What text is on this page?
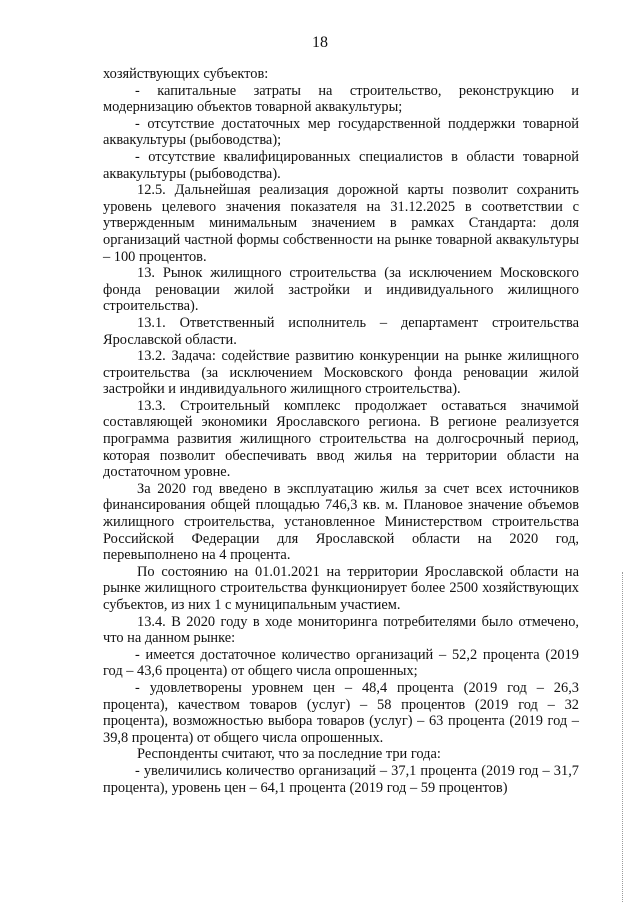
18

хозяйствующих субъектов:

- капитальные затраты на строительство, реконструкцию и модернизацию объектов товарной аквакультуры;

- отсутствие достаточных мер государственной поддержки товарной аквакультуры (рыбоводства);

- отсутствие квалифицированных специалистов в области товарной аквакультуры (рыбоводства).

12.5. Дальнейшая реализация дорожной карты позволит сохранить уровень целевого значения показателя на 31.12.2025 в соответствии с утвержденным минимальным значением в рамках Стандарта: доля организаций частной формы собственности на рынке товарной аквакультуры – 100 процентов.

13. Рынок жилищного строительства (за исключением Московского фонда реновации жилой застройки и индивидуального жилищного строительства).

13.1. Ответственный исполнитель – департамент строительства Ярославской области.

13.2. Задача: содействие развитию конкуренции на рынке жилищного строительства (за исключением Московского фонда реновации жилой застройки и индивидуального жилищного строительства).

13.3. Строительный комплекс продолжает оставаться значимой составляющей экономики Ярославского региона. В регионе реализуется программа развития жилищного строительства на долгосрочный период, которая позволит обеспечивать ввод жилья на территории области на достаточном уровне.

За 2020 год введено в эксплуатацию жилья за счет всех источников финансирования общей площадью 746,3 кв. м. Плановое значение объемов жилищного строительства, установленное Министерством строительства Российской Федерации для Ярославской области на 2020 год, перевыполнено на 4 процента.

По состоянию на 01.01.2021 на территории Ярославской области на рынке жилищного строительства функционирует более 2500 хозяйствующих субъектов, из них 1 с муниципальным участием.

13.4. В 2020 году в ходе мониторинга потребителями было отмечено, что на данном рынке:

- имеется достаточное количество организаций – 52,2 процента (2019 год – 43,6 процента) от общего числа опрошенных;

- удовлетворены уровнем цен – 48,4 процента (2019 год – 26,3 процента), качеством товаров (услуг) – 58 процентов (2019 год – 32 процента), возможностью выбора товаров (услуг) – 63 процента (2019 год – 39,8 процента) от общего числа опрошенных.

Респонденты считают, что за последние три года:

- увеличились количество организаций – 37,1 процента (2019 год – 31,7 процента), уровень цен – 64,1 процента (2019 год – 59 процентов)
